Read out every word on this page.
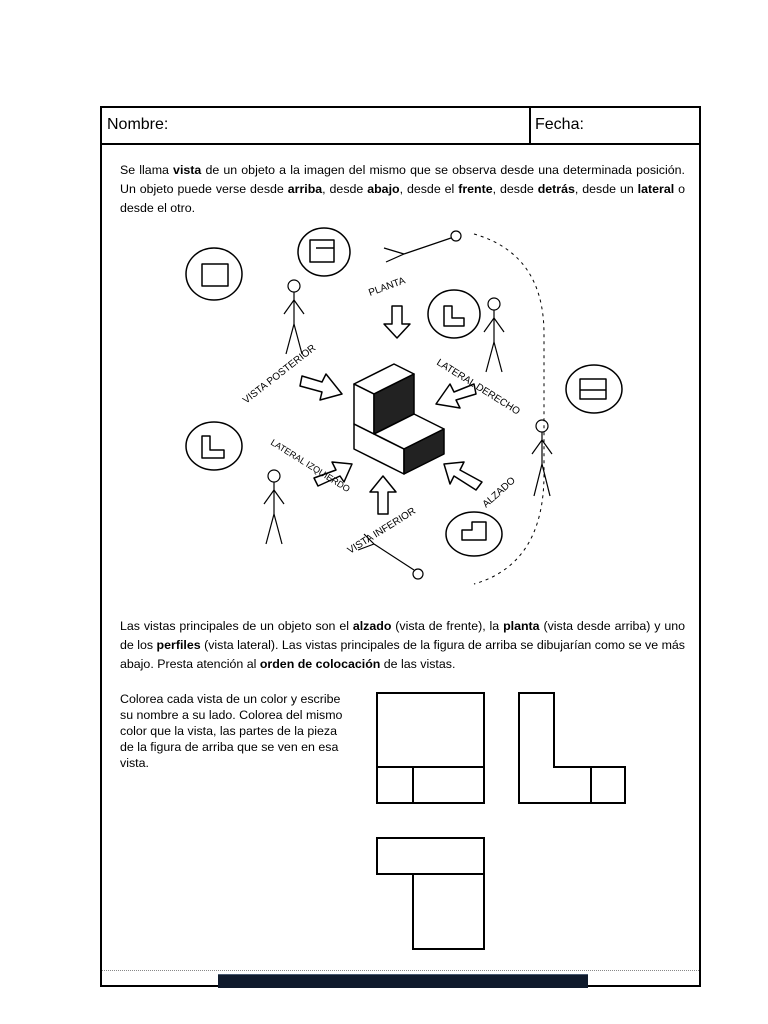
Nombre:	Fecha:
Se llama vista de un objeto a la imagen del mismo que se observa desde una determinada posición. Un objeto puede verse desde arriba, desde abajo, desde el frente, desde detrás, desde un lateral o desde el otro.
PLANTA
VISTA POSTERIOR	LATERAL DERECHO
LATERAL IZQUIERDO
VISTA INFERIOR
ALZADO
Las vistas principales de un objeto son el alzado (vista de frente), la planta (vista desde arriba) y uno de los perfiles (vista lateral). Las vistas principales de la figura de arriba se dibujarían como se ve más abajo. Presta atención al orden de colocación de las vistas.
Colorea cada vista de un color y escribe su nombre a su lado. Colorea del mismo color que la vista, las partes de la pieza de la figura de arriba que se ven en esa vista.
